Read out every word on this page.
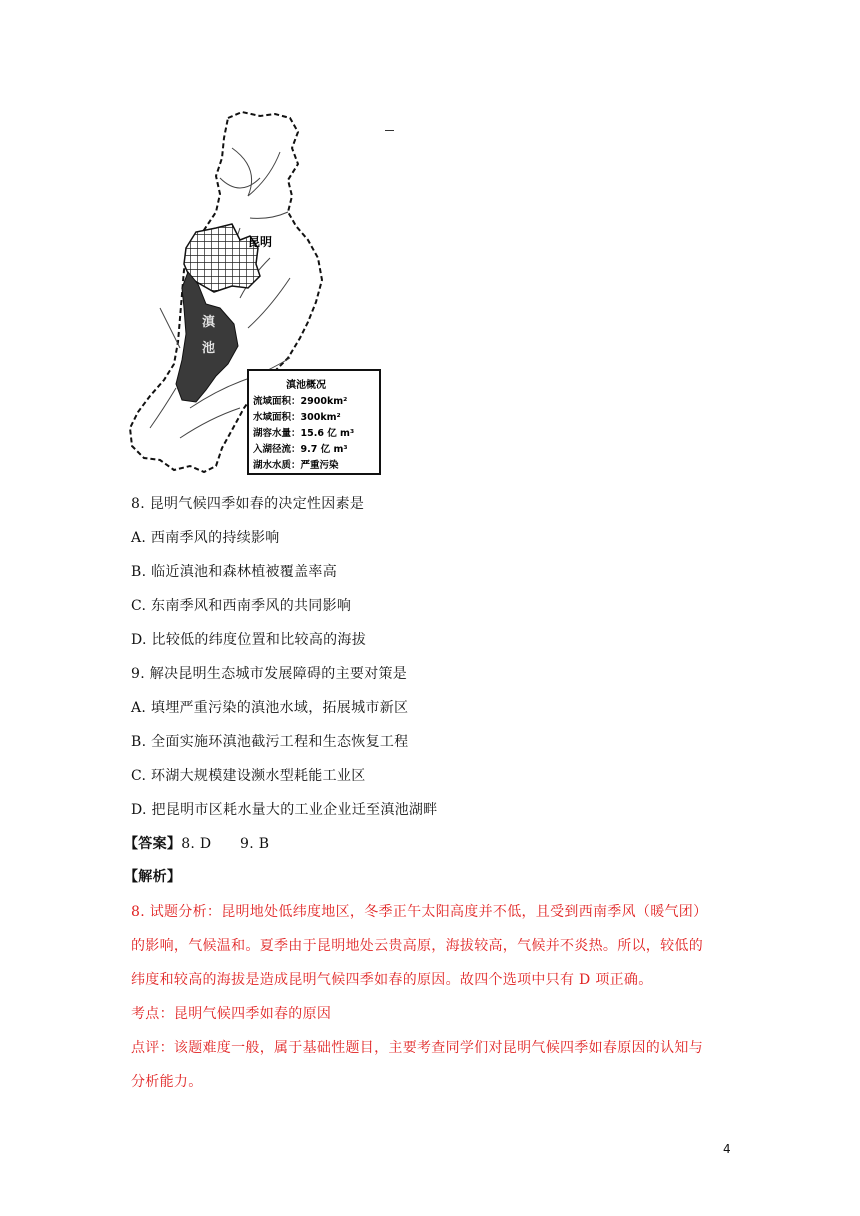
昆明
滇
池
滇池概况
流域面积：2900km²
水域面积：300km²
湖容水量：15.6 亿 m³
入湖径流：9.7 亿 m³
湖水水质：严重污染
8. 昆明气候四季如春的决定性因素是
A. 西南季风的持续影响
B. 临近滇池和森林植被覆盖率高
C. 东南季风和西南季风的共同影响
D. 比较低的纬度位置和比较高的海拔
9. 解决昆明生态城市发展障碍的主要对策是
A. 填埋严重污染的滇池水域，拓展城市新区
B. 全面实施环滇池截污工程和生态恢复工程
C. 环湖大规模建设濒水型耗能工业区
D. 把昆明市区耗水量大的工业企业迁至滇池湖畔
【答案】8. D　　9. B
【解析】
8. 试题分析：昆明地处低纬度地区，冬季正午太阳高度并不低，且受到西南季风（暖气团）
的影响，气候温和。夏季由于昆明地处云贵高原，海拔较高，气候并不炎热。所以，较低的
纬度和较高的海拔是造成昆明气候四季如春的原因。故四个选项中只有 D 项正确。
考点：昆明气候四季如春的原因
点评：该题难度一般，属于基础性题目，主要考查同学们对昆明气候四季如春原因的认知与
分析能力。
4
